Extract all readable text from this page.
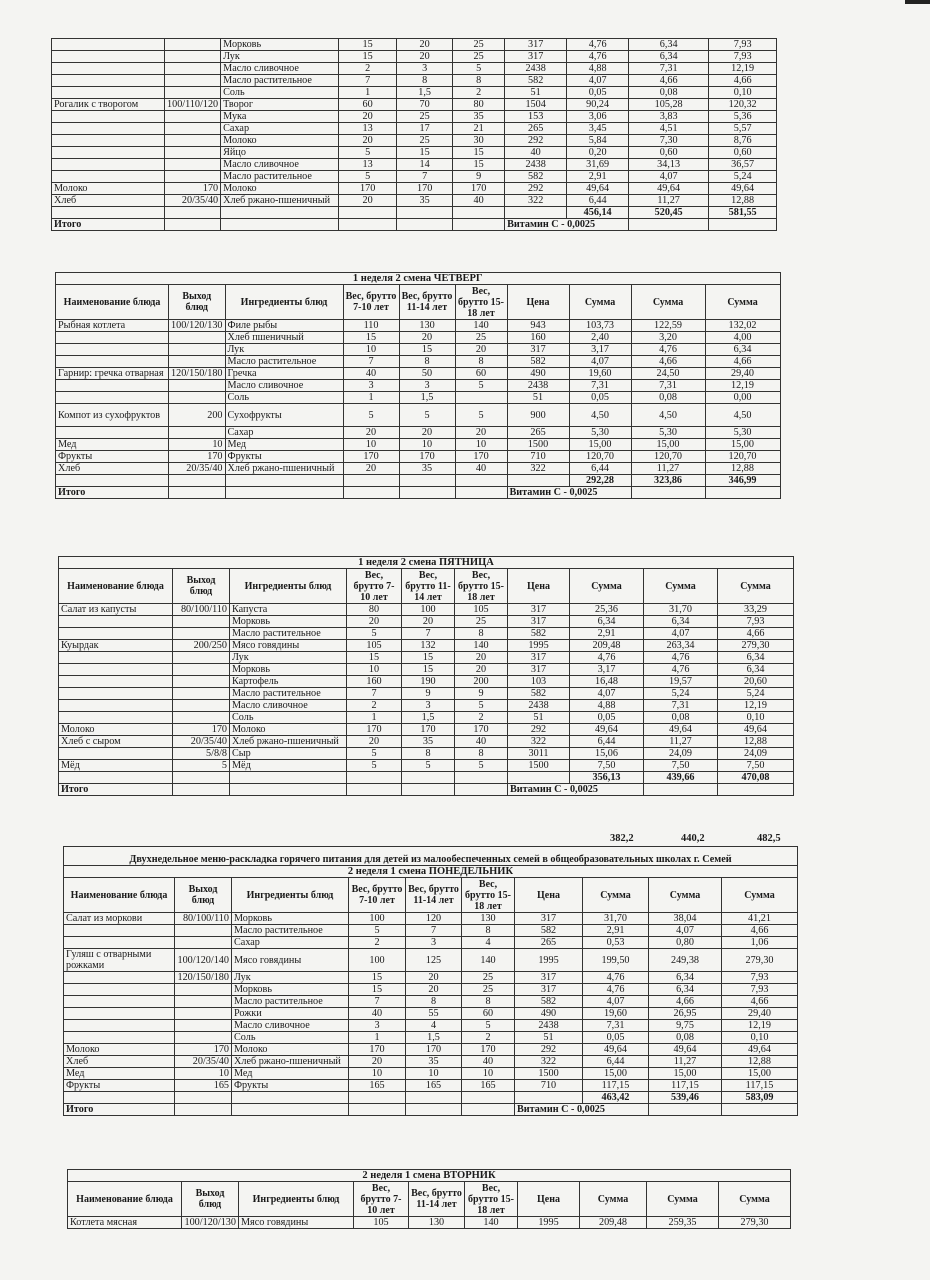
		Морковь	15	20	25	317	4,76	6,34	7,93
		Лук	15	20	25	317	4,76	6,34	7,93
		Масло сливочное	2	3	5	2438	4,88	7,31	12,19
		Масло растительное	7	8	8	582	4,07	4,66	4,66
		Соль	1	1,5	2	51	0,05	0,08	0,10
Рогалик с творогом	100/110/120	Творог	60	70	80	1504	90,24	105,28	120,32
		Мука	20	25	35	153	3,06	3,83	5,36
		Сахар	13	17	21	265	3,45	4,51	5,57
		Молоко	20	25	30	292	5,84	7,30	8,76
		Яйцо	5	15	15	40	0,20	0,60	0,60
		Масло сливочное	13	14	15	2438	31,69	34,13	36,57
		Масло растительное	5	7	9	582	2,91	4,07	5,24
Молоко	170	Молоко	170	170	170	292	49,64	49,64	49,64
Хлеб	20/35/40	Хлеб ржано-пшеничный	20	35	40	322	6,44	11,27	12,88
							456,14	520,45	581,55
Итого						Витамин С - 0,0025			
1 неделя 2 смена ЧЕТВЕРГ									
Наименование блюда	Выход блюд	Ингредиенты блюд	Вес, брутто 7-10 лет	Вес, брутто 11-14 лет	Вес, брутто 15-18 лет	Цена	Сумма	Сумма	Сумма
Рыбная котлета	100/120/130	Филе рыбы	110	130	140	943	103,73	122,59	132,02
		Хлеб пшеничный	15	20	25	160	2,40	3,20	4,00
		Лук	10	15	20	317	3,17	4,76	6,34
		Масло растительное	7	8	8	582	4,07	4,66	4,66
Гарнир: гречка отварная	120/150/180	Гречка	40	50	60	490	19,60	24,50	29,40
		Масло сливочное	3	3	5	2438	7,31	7,31	12,19
		Соль	1	1,5		51	0,05	0,08	0,00
Компот из сухофруктов	200	Сухофрукты	5	5	5	900	4,50	4,50	4,50
		Сахар	20	20	20	265	5,30	5,30	5,30
Мед	10	Мед	10	10	10	1500	15,00	15,00	15,00
Фрукты	170	Фрукты	170	170	170	710	120,70	120,70	120,70
Хлеб	20/35/40	Хлеб ржано-пшеничный	20	35	40	322	6,44	11,27	12,88
							292,28	323,86	346,99
Итого						Витамин С - 0,0025			
1 неделя 2 смена ПЯТНИЦА									
Наименование блюда	Выход блюд	Ингредиенты блюд	Вес, брутто 7-10 лет	Вес, брутто 11-14 лет	Вес, брутто 15-18 лет	Цена	Сумма	Сумма	Сумма
Салат из капусты	80/100/110	Капуста	80	100	105	317	25,36	31,70	33,29
		Морковь	20	20	25	317	6,34	6,34	7,93
		Масло растительное	5	7	8	582	2,91	4,07	4,66
Куырдак	200/250	Мясо говядины	105	132	140	1995	209,48	263,34	279,30
		Лук	15	15	20	317	4,76	4,76	6,34
		Морковь	10	15	20	317	3,17	4,76	6,34
		Картофель	160	190	200	103	16,48	19,57	20,60
		Масло растительное	7	9	9	582	4,07	5,24	5,24
		Масло сливочное	2	3	5	2438	4,88	7,31	12,19
		Соль	1	1,5	2	51	0,05	0,08	0,10
Молоко	170	Молоко	170	170	170	292	49,64	49,64	49,64
Хлеб с сыром	20/35/40	Хлеб ржано-пшеничный	20	35	40	322	6,44	11,27	12,88
	5/8/8	Сыр	5	8	8	3011	15,06	24,09	24,09
Мёд	5	Мёд	5	5	5	1500	7,50	7,50	7,50
							356,13	439,66	470,08
Итого						Витамин С - 0,0025			
382,2	440,2	482,5
Двухнедельное меню-раскладка горячего питания для детей из малообеспеченных семей в общеобразовательных школах г. Семей									
2 неделя 1 смена ПОНЕДЕЛЬНИК									
Наименование блюда	Выход блюд	Ингредиенты блюд	Вес, брутто 7-10 лет	Вес, брутто 11-14 лет	Вес, брутто 15-18 лет	Цена	Сумма	Сумма	Сумма
Салат из моркови	80/100/110	Морковь	100	120	130	317	31,70	38,04	41,21
		Масло растительное	5	7	8	582	2,91	4,07	4,66
		Сахар	2	3	4	265	0,53	0,80	1,06
Гуляш с отварными рожками	100/120/140	Мясо говядины	100	125	140	1995	199,50	249,38	279,30
	120/150/180	Лук	15	20	25	317	4,76	6,34	7,93
		Морковь	15	20	25	317	4,76	6,34	7,93
		Масло растительное	7	8	8	582	4,07	4,66	4,66
		Рожки	40	55	60	490	19,60	26,95	29,40
		Масло сливочное	3	4	5	2438	7,31	9,75	12,19
		Соль	1	1,5	2	51	0,05	0,08	0,10
Молоко	170	Молоко	170	170	170	292	49,64	49,64	49,64
Хлеб	20/35/40	Хлеб ржано-пшеничный	20	35	40	322	6,44	11,27	12,88
Мед	10	Мед	10	10	10	1500	15,00	15,00	15,00
Фрукты	165	Фрукты	165	165	165	710	117,15	117,15	117,15
							463,42	539,46	583,09
Итого						Витамин С - 0,0025			
2 неделя 1 смена ВТОРНИК									
Наименование блюда	Выход блюд	Ингредиенты блюд	Вес, брутто 7-10 лет	Вес, брутто 11-14 лет	Вес, брутто 15-18 лет	Цена	Сумма	Сумма	Сумма
Котлета мясная	100/120/130	Мясо говядины	105	130	140	1995	209,48	259,35	279,30
